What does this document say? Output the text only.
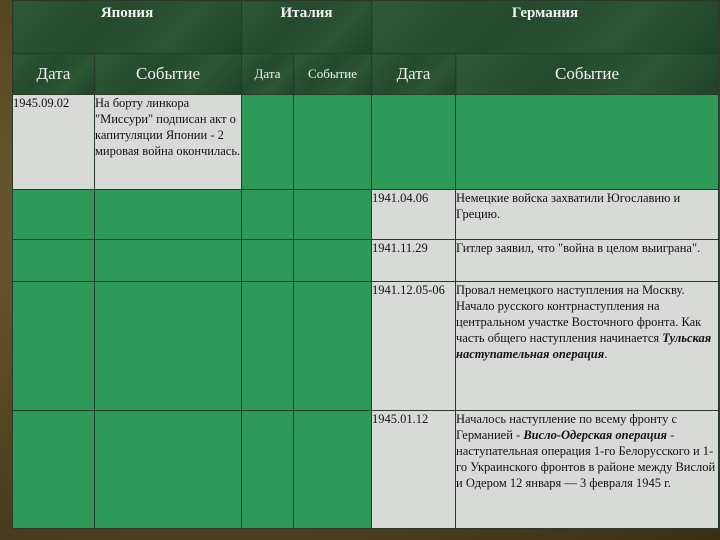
Япония		Италия		Германия	

Дата	Событие	Дата	Событие	Дата	Событие
1945.09.02	На борту линкора "Миссури" подписан акт о капитуляции Японии - 2 мировая война окончилась.				
				1941.04.06	Немецкие войска захватили Югославию и Грецию.
				1941.11.29	Гитлер заявил, что "война в целом выиграна".
				1941.12.05-06	Провал немецкого наступления на Москву. Начало русского контрнаступления на центральном участке Восточного фронта. Как часть общего наступления начинается Тульская наступательная операция.
				1945.01.12	Началось наступление по всему фронту с Германией - Висло-Одерская операция - наступательная операция 1-го Белорусского и 1-го Украинского фронтов в районе между Вислой и Одером 12 января — 3 февраля 1945 г.
